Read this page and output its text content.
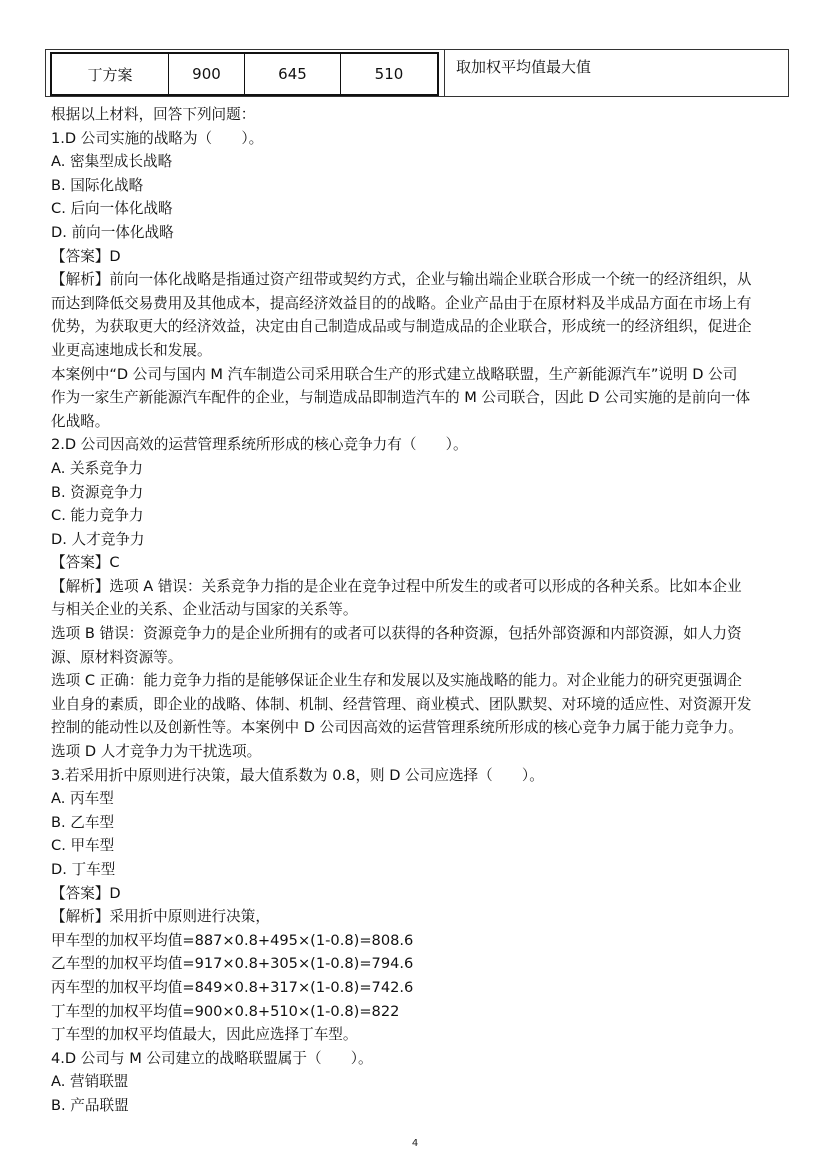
丁方案	900	645	510	取加权平均值最大值

根据以上材料，回答下列问题：

1.D 公司实施的战略为（　　）。

A. 密集型成长战略

B. 国际化战略

C. 后向一体化战略

D. 前向一体化战略

【答案】D

【解析】前向一体化战略是指通过资产纽带或契约方式，企业与输出端企业联合形成一个统一的经济组织，从

而达到降低交易费用及其他成本，提高经济效益目的的战略。企业产品由于在原材料及半成品方面在市场上有

优势，为获取更大的经济效益，决定由自己制造成品或与制造成品的企业联合，形成统一的经济组织，促进企

业更高速地成长和发展。

本案例中“D 公司与国内 M 汽车制造公司采用联合生产的形式建立战略联盟，生产新能源汽车”说明 D 公司

作为一家生产新能源汽车配件的企业，与制造成品即制造汽车的 M 公司联合，因此 D 公司实施的是前向一体

化战略。

2.D 公司因高效的运营管理系统所形成的核心竞争力有（　　）。

A. 关系竞争力

B. 资源竞争力

C. 能力竞争力

D. 人才竞争力

【答案】C

【解析】选项 A 错误：关系竞争力指的是企业在竞争过程中所发生的或者可以形成的各种关系。比如本企业

与相关企业的关系、企业活动与国家的关系等。

选项 B 错误：资源竞争力的是企业所拥有的或者可以获得的各种资源，包括外部资源和内部资源，如人力资

源、原材料资源等。

选项 C 正确：能力竞争力指的是能够保证企业生存和发展以及实施战略的能力。对企业能力的研究更强调企

业自身的素质，即企业的战略、体制、机制、经营管理、商业模式、团队默契、对环境的适应性、对资源开发

控制的能动性以及创新性等。本案例中 D 公司因高效的运营管理系统所形成的核心竞争力属于能力竞争力。

选项 D 人才竞争力为干扰选项。

3.若采用折中原则进行决策，最大值系数为 0.8，则 D 公司应选择（　　）。

A. 丙车型

B. 乙车型

C. 甲车型

D. 丁车型

【答案】D

【解析】采用折中原则进行决策，

甲车型的加权平均值=887×0.8+495×(1-0.8)=808.6

乙车型的加权平均值=917×0.8+305×(1-0.8)=794.6

丙车型的加权平均值=849×0.8+317×(1-0.8)=742.6

丁车型的加权平均值=900×0.8+510×(1-0.8)=822

丁车型的加权平均值最大，因此应选择丁车型。

4.D 公司与 M 公司建立的战略联盟属于（　　）。

A. 营销联盟

B. 产品联盟

4
